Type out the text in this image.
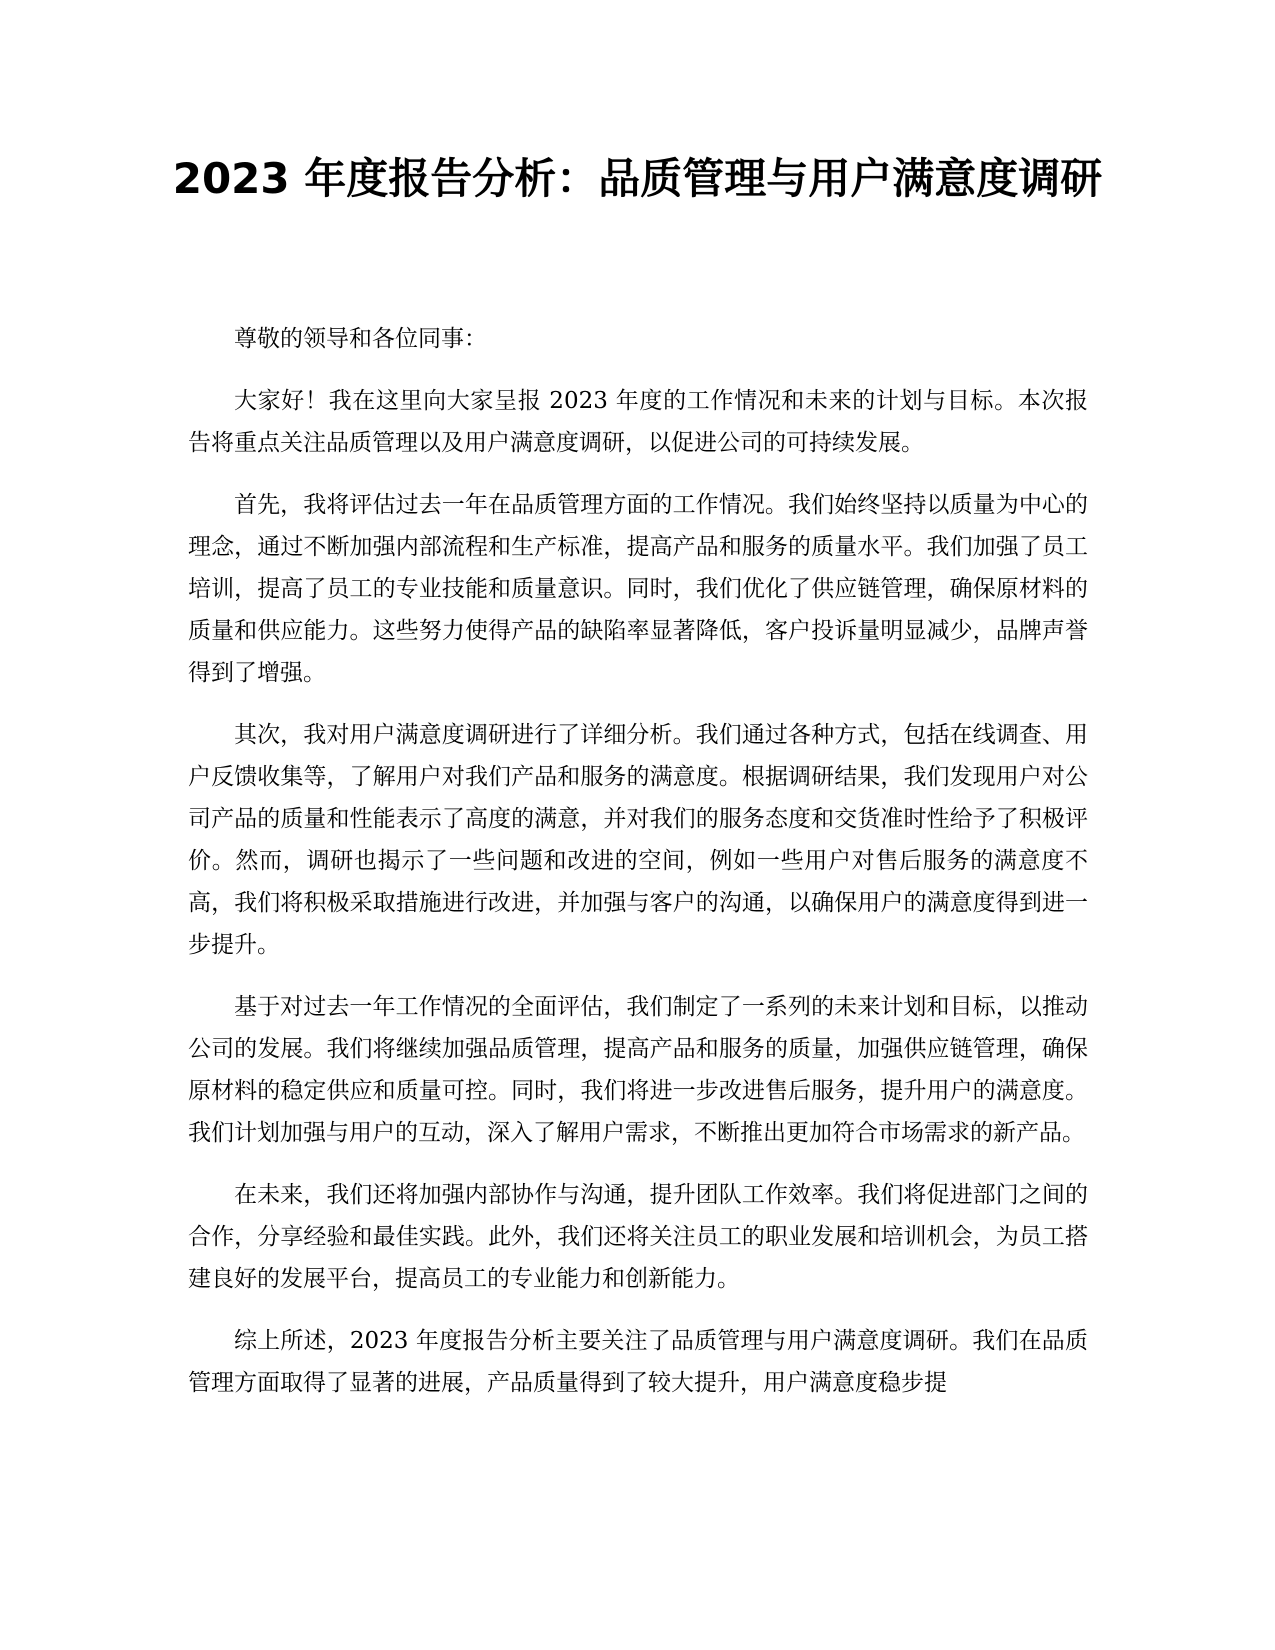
2023 年度报告分析：品质管理与用户满意度调研

尊敬的领导和各位同事：

大家好！我在这里向大家呈报 2023 年度的工作情况和未来的计划与目标。本次报告将重点关注品质管理以及用户满意度调研，以促进公司的可持续发展。

首先，我将评估过去一年在品质管理方面的工作情况。我们始终坚持以质量为中心的理念，通过不断加强内部流程和生产标准，提高产品和服务的质量水平。我们加强了员工培训，提高了员工的专业技能和质量意识。同时，我们优化了供应链管理，确保原材料的质量和供应能力。这些努力使得产品的缺陷率显著降低，客户投诉量明显减少，品牌声誉得到了增强。

其次，我对用户满意度调研进行了详细分析。我们通过各种方式，包括在线调查、用户反馈收集等，了解用户对我们产品和服务的满意度。根据调研结果，我们发现用户对公司产品的质量和性能表示了高度的满意，并对我们的服务态度和交货准时性给予了积极评价。然而，调研也揭示了一些问题和改进的空间，例如一些用户对售后服务的满意度不高，我们将积极采取措施进行改进，并加强与客户的沟通，以确保用户的满意度得到进一步提升。

基于对过去一年工作情况的全面评估，我们制定了一系列的未来计划和目标，以推动公司的发展。我们将继续加强品质管理，提高产品和服务的质量，加强供应链管理，确保原材料的稳定供应和质量可控。同时，我们将进一步改进售后服务，提升用户的满意度。我们计划加强与用户的互动，深入了解用户需求，不断推出更加符合市场需求的新产品。

在未来，我们还将加强内部协作与沟通，提升团队工作效率。我们将促进部门之间的合作，分享经验和最佳实践。此外，我们还将关注员工的职业发展和培训机会，为员工搭建良好的发展平台，提高员工的专业能力和创新能力。

综上所述，2023 年度报告分析主要关注了品质管理与用户满意度调研。我们在品质管理方面取得了显著的进展，产品质量得到了较大提升，用户满意度稳步提
